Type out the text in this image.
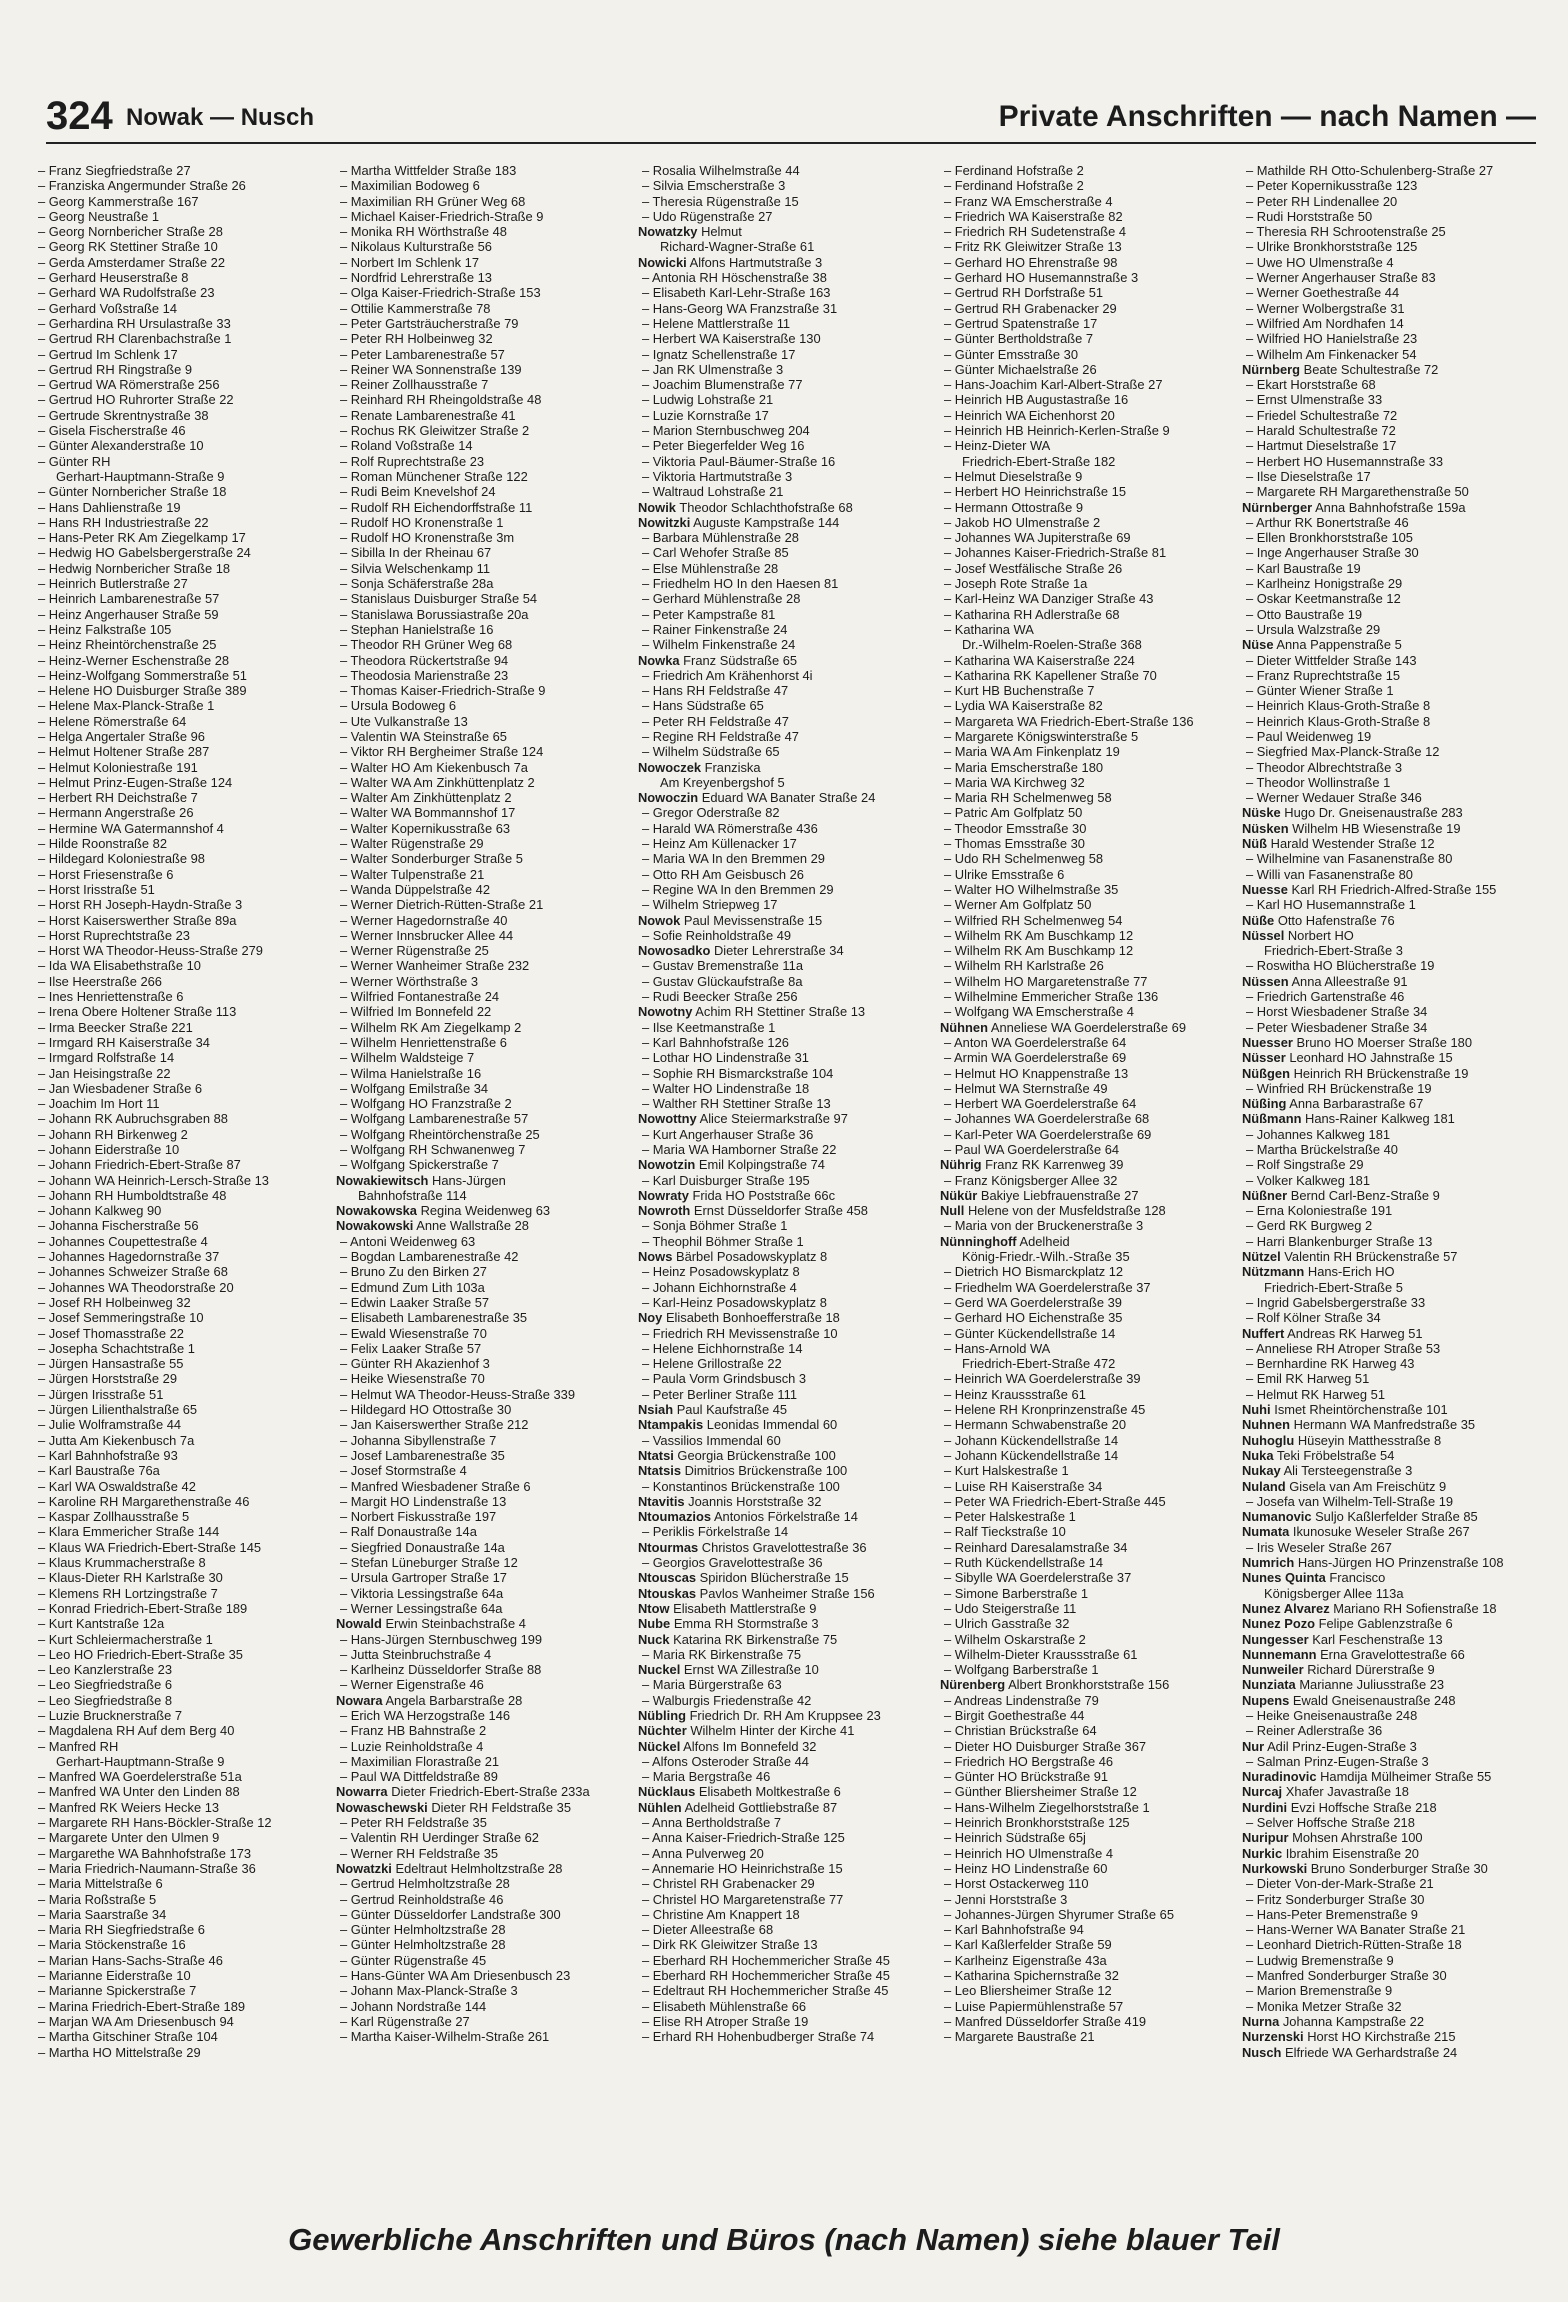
324 Nowak — Nusch	Private Anschriften — nach Namen —
– Franz Siegfriedstraße 27
– Franziska Angermunder Straße 26
– Georg Kammerstraße 167
– Georg Neustraße 1
– Georg Nornbericher Straße 28
– Georg RK Stettiner Straße 10
– Gerda Amsterdamer Straße 22
– Gerhard Heuserstraße 8
– Gerhard WA Rudolfstraße 23
– Gerhard Voßstraße 14
– Gerhardina RH Ursulastraße 33
– Gertrud RH Clarenbachstraße 1
– Gertrud Im Schlenk 17
– Gertrud RH Ringstraße 9
– Gertrud WA Römerstraße 256
– Gertrud HO Ruhrorter Straße 22
– Gertrude Skrentnystraße 38
– Gisela Fischerstraße 46
– Günter Alexanderstraße 10
– Günter RH
Gerhart-Hauptmann-Straße 9
– Günter Nornbericher Straße 18
– Hans Dahlienstraße 19
– Hans RH Industriestraße 22
– Hans-Peter RK Am Ziegelkamp 17
– Hedwig HO Gabelsbergerstraße 24
– Hedwig Nornbericher Straße 18
– Heinrich Butlerstraße 27
– Heinrich Lambarenestraße 57
– Heinz Angerhauser Straße 59
– Heinz Falkstraße 105
– Heinz Rheintörchenstraße 25
– Heinz-Werner Eschenstraße 28
– Heinz-Wolfgang Sommerstraße 51
– Helene HO Duisburger Straße 389
– Helene Max-Planck-Straße 1
– Helene Römerstraße 64
– Helga Angertaler Straße 96
– Helmut Holtener Straße 287
– Helmut Koloniestraße 191
– Helmut Prinz-Eugen-Straße 124
– Herbert RH Deichstraße 7
– Hermann Angerstraße 26
– Hermine WA Gatermannshof 4
– Hilde Roonstraße 82
– Hildegard Koloniestraße 98
– Horst Friesenstraße 6
– Horst Irisstraße 51
– Horst RH Joseph-Haydn-Straße 3
– Horst Kaiserswerther Straße 89a
– Horst Ruprechtstraße 23
– Horst WA Theodor-Heuss-Straße 279
– Ida WA Elisabethstraße 10
– Ilse Heerstraße 266
– Ines Henriettenstraße 6
– Irena Obere Holtener Straße 113
– Irma Beecker Straße 221
– Irmgard RH Kaiserstraße 34
– Irmgard Rolfstraße 14
– Jan Heisingstraße 22
– Jan Wiesbadener Straße 6
– Joachim Im Hort 11
– Johann RK Aubruchsgraben 88
– Johann RH Birkenweg 2
– Johann Eiderstraße 10
– Johann Friedrich-Ebert-Straße 87
– Johann WA Heinrich-Lersch-Straße 13
– Johann RH Humboldtstraße 48
– Johann Kalkweg 90
– Johanna Fischerstraße 56
– Johannes Coupettestraße 4
– Johannes Hagedornstraße 37
– Johannes Schweizer Straße 68
– Johannes WA Theodorstraße 20
– Josef RH Holbeinweg 32
– Josef Semmeringstraße 10
– Josef Thomasstraße 22
– Josepha Schachtstraße 1
– Jürgen Hansastraße 55
– Jürgen Horststraße 29
– Jürgen Irisstraße 51
– Jürgen Lilienthalstraße 65
– Julie Wolframstraße 44
– Jutta Am Kiekenbusch 7a
– Karl Bahnhofstraße 93
– Karl Baustraße 76a
– Karl WA Oswaldstraße 42
– Karoline RH Margarethenstraße 46
– Kaspar Zollhausstraße 5
– Klara Emmericher Straße 144
– Klaus WA Friedrich-Ebert-Straße 145
– Klaus Krummacherstraße 8
– Klaus-Dieter RH Karlstraße 30
– Klemens RH Lortzingstraße 7
– Konrad Friedrich-Ebert-Straße 189
– Kurt Kantstraße 12a
– Kurt Schleiermacherstraße 1
– Leo HO Friedrich-Ebert-Straße 35
– Leo Kanzlerstraße 23
– Leo Siegfriedstraße 6
– Leo Siegfriedstraße 8
– Luzie Brucknerstraße 7
– Magdalena RH Auf dem Berg 40
– Manfred RH
Gerhart-Hauptmann-Straße 9
– Manfred WA Goerdelerstraße 51a
– Manfred WA Unter den Linden 88
– Manfred RK Weiers Hecke 13
– Margarete RH Hans-Böckler-Straße 12
– Margarete Unter den Ulmen 9
– Margarethe WA Bahnhofstraße 173
– Maria Friedrich-Naumann-Straße 36
– Maria Mittelstraße 6
– Maria Roßstraße 5
– Maria Saarstraße 34
– Maria RH Siegfriedstraße 6
– Maria Stöckenstraße 16
– Marian Hans-Sachs-Straße 46
– Marianne Eiderstraße 10
– Marianne Spickerstraße 7
– Marina Friedrich-Ebert-Straße 189
– Marjan WA Am Driesenbusch 94
– Martha Gitschiner Straße 104
– Martha HO Mittelstraße 29
– Martha Wittfelder Straße 183
– Maximilian Bodoweg 6
– Maximilian RH Grüner Weg 68
– Michael Kaiser-Friedrich-Straße 9
– Monika RH Wörthstraße 48
– Nikolaus Kulturstraße 56
– Norbert Im Schlenk 17
– Nordfrid Lehrerstraße 13
– Olga Kaiser-Friedrich-Straße 153
– Ottilie Kammerstraße 78
– Peter Gartsträucherstraße 79
– Peter RH Holbeinweg 32
– Peter Lambarenestraße 57
– Reiner WA Sonnenstraße 139
– Reiner Zollhausstraße 7
– Reinhard RH Rheingoldstraße 48
– Renate Lambarenestraße 41
– Rochus RK Gleiwitzer Straße 2
– Roland Voßstraße 14
– Rolf Ruprechtstraße 23
– Roman Münchener Straße 122
– Rudi Beim Knevelshof 24
– Rudolf RH Eichendorffstraße 11
– Rudolf HO Kronenstraße 1
– Rudolf HO Kronenstraße 3m
– Sibilla In der Rheinau 67
– Silvia Welschenkamp 11
– Sonja Schäferstraße 28a
– Stanislaus Duisburger Straße 54
– Stanislawa Borussiastraße 20a
– Stephan Hanielstraße 16
– Theodor RH Grüner Weg 68
– Theodora Rückertstraße 94
– Theodosia Marienstraße 23
– Thomas Kaiser-Friedrich-Straße 9
– Ursula Bodoweg 6
– Ute Vulkanstraße 13
– Valentin WA Steinstraße 65
– Viktor RH Bergheimer Straße 124
– Walter HO Am Kiekenbusch 7a
– Walter WA Am Zinkhüttenplatz 2
– Walter Am Zinkhüttenplatz 2
– Walter WA Bommannshof 17
– Walter Kopernikusstraße 63
– Walter Rügenstraße 29
– Walter Sonderburger Straße 5
– Walter Tulpenstraße 21
– Wanda Düppelstraße 42
– Werner Dietrich-Rütten-Straße 21
– Werner Hagedornstraße 40
– Werner Innsbrucker Allee 44
– Werner Rügenstraße 25
– Werner Wanheimer Straße 232
– Werner Wörthstraße 3
– Wilfried Fontanestraße 24
– Wilfried Im Bonnefeld 22
– Wilhelm RK Am Ziegelkamp 2
– Wilhelm Henriettenstraße 6
– Wilhelm Waldsteige 7
– Wilma Hanielstraße 16
– Wolfgang Emilstraße 34
– Wolfgang HO Franzstraße 2
– Wolfgang Lambarenestraße 57
– Wolfgang Rheintörchenstraße 25
– Wolfgang RH Schwanenweg 7
– Wolfgang Spickerstraße 7
Nowakiewitsch Hans-Jürgen
Bahnhofstraße 114
Nowakowska Regina Weidenweg 63
Nowakowski Anne Wallstraße 28
– Antoni Weidenweg 63
– Bogdan Lambarenestraße 42
– Bruno Zu den Birken 27
– Edmund Zum Lith 103a
– Edwin Laaker Straße 57
– Elisabeth Lambarenestraße 35
– Ewald Wiesenstraße 70
– Felix Laaker Straße 57
– Günter RH Akazienhof 3
– Heike Wiesenstraße 70
– Helmut WA Theodor-Heuss-Straße 339
– Hildegard HO Ottostraße 30
– Jan Kaiserswerther Straße 212
– Johanna Sibyllenstraße 7
– Josef Lambarenestraße 35
– Josef Stormstraße 4
– Manfred Wiesbadener Straße 6
– Margit HO Lindenstraße 13
– Norbert Fiskusstraße 197
– Ralf Donaustraße 14a
– Siegfried Donaustraße 14a
– Stefan Lüneburger Straße 12
– Ursula Gartroper Straße 17
– Viktoria Lessingstraße 64a
– Werner Lessingstraße 64a
Nowald Erwin Steinbachstraße 4
– Hans-Jürgen Sternbuschweg 199
– Jutta Steinbruchstraße 4
– Karlheinz Düsseldorfer Straße 88
– Werner Eigenstraße 46
Nowara Angela Barbarstraße 28
– Erich WA Herzogstraße 146
– Franz HB Bahnstraße 2
– Luzie Reinholdstraße 4
– Maximilian Florastraße 21
– Paul WA Dittfeldstraße 89
Nowarra Dieter Friedrich-Ebert-Straße 233a
Nowaschewski Dieter RH Feldstraße 35
– Peter RH Feldstraße 35
– Valentin RH Uerdinger Straße 62
– Werner RH Feldstraße 35
Nowatzki Edeltraut Helmholtzstraße 28
– Gertrud Helmholtzstraße 28
– Gertrud Reinholdstraße 46
– Günter Düsseldorfer Landstraße 300
– Günter Helmholtzstraße 28
– Günter Helmholtzstraße 28
– Günter Rügenstraße 45
– Hans-Günter WA Am Driesenbusch 23
– Johann Max-Planck-Straße 3
– Johann Nordstraße 144
– Karl Rügenstraße 27
– Martha Kaiser-Wilhelm-Straße 261
– Rosalia Wilhelmstraße 44
– Silvia Emscherstraße 3
– Theresia Rügenstraße 15
– Udo Rügenstraße 27
Nowatzky Helmut
Richard-Wagner-Straße 61
Nowicki Alfons Hartmutstraße 3
– Antonia RH Höschenstraße 38
– Elisabeth Karl-Lehr-Straße 163
– Hans-Georg WA Franzstraße 31
– Helene Mattlerstraße 11
– Herbert WA Kaiserstraße 130
– Ignatz Schellenstraße 17
– Jan RK Ulmenstraße 3
– Joachim Blumenstraße 77
– Ludwig Lohstraße 21
– Luzie Kornstraße 17
– Marion Sternbuschweg 204
– Peter Biegerfelder Weg 16
– Viktoria Paul-Bäumer-Straße 16
– Viktoria Hartmutstraße 3
– Waltraud Lohstraße 21
Nowik Theodor Schlachthofstraße 68
Nowitzki Auguste Kampstraße 144
– Barbara Mühlenstraße 28
– Carl Wehofer Straße 85
– Else Mühlenstraße 28
– Friedhelm HO In den Haesen 81
– Gerhard Mühlenstraße 28
– Peter Kampstraße 81
– Rainer Finkenstraße 24
– Wilhelm Finkenstraße 24
Nowka Franz Südstraße 65
– Friedrich Am Krähenhorst 4i
– Hans RH Feldstraße 47
– Hans Südstraße 65
– Peter RH Feldstraße 47
– Regine RH Feldstraße 47
– Wilhelm Südstraße 65
Nowoczek Franziska
Am Kreyenbergshof 5
Nowoczin Eduard WA Banater Straße 24
– Gregor Oderstraße 82
– Harald WA Römerstraße 436
– Heinz Am Küllenacker 17
– Maria WA In den Bremmen 29
– Otto RH Am Geisbusch 26
– Regine WA In den Bremmen 29
– Wilhelm Striepweg 17
Nowok Paul Mevissenstraße 15
– Sofie Reinholdstraße 49
Nowosadko Dieter Lehrerstraße 34
– Gustav Bremenstraße 11a
– Gustav Glückaufstraße 8a
– Rudi Beecker Straße 256
Nowotny Achim RH Stettiner Straße 13
– Ilse Keetmanstraße 1
– Karl Bahnhofstraße 126
– Lothar HO Lindenstraße 31
– Sophie RH Bismarckstraße 104
– Walter HO Lindenstraße 18
– Walther RH Stettiner Straße 13
Nowottny Alice Steiermarkstraße 97
– Kurt Angerhauser Straße 36
– Maria WA Hamborner Straße 22
Nowotzin Emil Kolpingstraße 74
– Karl Duisburger Straße 195
Nowraty Frida HO Poststraße 66c
Nowroth Ernst Düsseldorfer Straße 458
– Sonja Böhmer Straße 1
– Theophil Böhmer Straße 1
Nows Bärbel Posadowskyplatz 8
– Heinz Posadowskyplatz 8
– Johann Eichhornstraße 4
– Karl-Heinz Posadowskyplatz 8
Noy Elisabeth Bonhoefferstraße 18
– Friedrich RH Mevissenstraße 10
– Helene Eichhornstraße 14
– Helene Grillostraße 22
– Paula Vorm Grindsbusch 3
– Peter Berliner Straße 111
Nsiah Paul Kaufstraße 45
Ntampakis Leonidas Immendal 60
– Vassilios Immendal 60
Ntatsi Georgia Brückenstraße 100
Ntatsis Dimitrios Brückenstraße 100
– Konstantinos Brückenstraße 100
Ntavitis Joannis Horststraße 32
Ntoumazios Antonios Förkelstraße 14
– Periklis Förkelstraße 14
Ntourmas Christos Gravelottestraße 36
– Georgios Gravelottestraße 36
Ntouscas Spiridon Blücherstraße 15
Ntouskas Pavlos Wanheimer Straße 156
Ntow Elisabeth Mattlerstraße 9
Nube Emma RH Stormstraße 3
Nuck Katarina RK Birkenstraße 75
– Maria RK Birkenstraße 75
Nuckel Ernst WA Zillestraße 10
– Maria Bürgerstraße 63
– Walburgis Friedenstraße 42
Nübling Friedrich Dr. RH Am Kruppsee 23
Nüchter Wilhelm Hinter der Kirche 41
Nückel Alfons Im Bonnefeld 32
– Alfons Osteroder Straße 44
– Maria Bergstraße 46
Nücklaus Elisabeth Moltkestraße 6
Nühlen Adelheid Gottliebstraße 87
– Anna Bertholdstraße 7
– Anna Kaiser-Friedrich-Straße 125
– Anna Pulverweg 20
– Annemarie HO Heinrichstraße 15
– Christel RH Grabenacker 29
– Christel HO Margaretenstraße 77
– Christine Am Knappert 18
– Dieter Alleestraße 68
– Dirk RK Gleiwitzer Straße 13
– Eberhard RH Hochemmericher Straße 45
– Eberhard RH Hochemmericher Straße 45
– Edeltraut RH Hochemmericher Straße 45
– Elisabeth Mühlenstraße 66
– Elise RH Atroper Straße 19
– Erhard RH Hohenbudberger Straße 74
– Ferdinand Hofstraße 2
– Ferdinand Hofstraße 2
– Franz WA Emscherstraße 4
– Friedrich WA Kaiserstraße 82
– Friedrich RH Sudetenstraße 4
– Fritz RK Gleiwitzer Straße 13
– Gerhard HO Ehrenstraße 98
– Gerhard HO Husemannstraße 3
– Gertrud RH Dorfstraße 51
– Gertrud RH Grabenacker 29
– Gertrud Spatenstraße 17
– Günter Bertholdstraße 7
– Günter Emsstraße 30
– Günter Michaelstraße 26
– Hans-Joachim Karl-Albert-Straße 27
– Heinrich HB Augustastraße 16
– Heinrich WA Eichenhorst 20
– Heinrich HB Heinrich-Kerlen-Straße 9
– Heinz-Dieter WA
Friedrich-Ebert-Straße 182
– Helmut Dieselstraße 9
– Herbert HO Heinrichstraße 15
– Hermann Ottostraße 9
– Jakob HO Ulmenstraße 2
– Johannes WA Jupiterstraße 69
– Johannes Kaiser-Friedrich-Straße 81
– Josef Westfälische Straße 26
– Joseph Rote Straße 1a
– Karl-Heinz WA Danziger Straße 43
– Katharina RH Adlerstraße 68
– Katharina WA
Dr.-Wilhelm-Roelen-Straße 368
– Katharina WA Kaiserstraße 224
– Katharina RK Kapellener Straße 70
– Kurt HB Buchenstraße 7
– Lydia WA Kaiserstraße 82
– Margareta WA Friedrich-Ebert-Straße 136
– Margarete Königswinterstraße 5
– Maria WA Am Finkenplatz 19
– Maria Emscherstraße 180
– Maria WA Kirchweg 32
– Maria RH Schelmenweg 58
– Patric Am Golfplatz 50
– Theodor Emsstraße 30
– Thomas Emsstraße 30
– Udo RH Schelmenweg 58
– Ulrike Emsstraße 6
– Walter HO Wilhelmstraße 35
– Werner Am Golfplatz 50
– Wilfried RH Schelmenweg 54
– Wilhelm RK Am Buschkamp 12
– Wilhelm RK Am Buschkamp 12
– Wilhelm RH Karlstraße 26
– Wilhelm HO Margaretenstraße 77
– Wilhelmine Emmericher Straße 136
– Wolfgang WA Emscherstraße 4
Nühnen Anneliese WA Goerdelerstraße 69
– Anton WA Goerdelerstraße 64
– Armin WA Goerdelerstraße 69
– Helmut HO Knappenstraße 13
– Helmut WA Sternstraße 49
– Herbert WA Goerdelerstraße 64
– Johannes WA Goerdelerstraße 68
– Karl-Peter WA Goerdelerstraße 69
– Paul WA Goerdelerstraße 64
Nührig Franz RK Karrenweg 39
– Franz Königsberger Allee 32
Nükür Bakiye Liebfrauenstraße 27
Null Helene von der Musfeldstraße 128
– Maria von der Bruckenerstraße 3
Nünninghoff Adelheid
König-Friedr.-Wilh.-Straße 35
– Dietrich HO Bismarckplatz 12
– Friedhelm WA Goerdelerstraße 37
– Gerd WA Goerdelerstraße 39
– Gerhard HO Eichenstraße 35
– Günter Kückendellstraße 14
– Hans-Arnold WA
Friedrich-Ebert-Straße 472
– Heinrich WA Goerdelerstraße 39
– Heinz Kraussstraße 61
– Helene RH Kronprinzenstraße 45
– Hermann Schwabenstraße 20
– Johann Kückendellstraße 14
– Johann Kückendellstraße 14
– Kurt Halskestraße 1
– Luise RH Kaiserstraße 34
– Peter WA Friedrich-Ebert-Straße 445
– Peter Halskestraße 1
– Ralf Tieckstraße 10
– Reinhard Daresalamstraße 34
– Ruth Kückendellstraße 14
– Sibylle WA Goerdelerstraße 37
– Simone Barberstraße 1
– Udo Steigerstraße 11
– Ulrich Gasstraße 32
– Wilhelm Oskarstraße 2
– Wilhelm-Dieter Kraussstraße 61
– Wolfgang Barberstraße 1
Nürenberg Albert Bronkhorststraße 156
– Andreas Lindenstraße 79
– Birgit Goethestraße 44
– Christian Brückstraße 64
– Dieter HO Duisburger Straße 367
– Friedrich HO Bergstraße 46
– Günter HO Brückstraße 91
– Günther Bliersheimer Straße 12
– Hans-Wilhelm Ziegelhorststraße 1
– Heinrich Bronkhorststraße 125
– Heinrich Südstraße 65j
– Heinrich HO Ulmenstraße 4
– Heinz HO Lindenstraße 60
– Horst Ostackerweg 110
– Jenni Horststraße 3
– Johannes-Jürgen Shyrumer Straße 65
– Karl Bahnhofstraße 94
– Karl Kaßlerfelder Straße 59
– Karlheinz Eigenstraße 43a
– Katharina Spichernstraße 32
– Leo Bliersheimer Straße 12
– Luise Papiermühlenstraße 57
– Manfred Düsseldorfer Straße 419
– Margarete Baustraße 21
– Mathilde RH Otto-Schulenberg-Straße 27
– Peter Kopernikusstraße 123
– Peter RH Lindenallee 20
– Rudi Horststraße 50
– Theresia RH Schrootenstraße 25
– Ulrike Bronkhorststraße 125
– Uwe HO Ulmenstraße 4
– Werner Angerhauser Straße 83
– Werner Goethestraße 44
– Werner Wolbergstraße 31
– Wilfried Am Nordhafen 14
– Wilfried HO Hanielstraße 23
– Wilhelm Am Finkenacker 54
Nürnberg Beate Schultestraße 72
– Ekart Horststraße 68
– Ernst Ulmenstraße 33
– Friedel Schultestraße 72
– Harald Schultestraße 72
– Hartmut Dieselstraße 17
– Herbert HO Husemannstraße 33
– Ilse Dieselstraße 17
– Margarete RH Margarethenstraße 50
Nürnberger Anna Bahnhofstraße 159a
– Arthur RK Bonertstraße 46
– Ellen Bronkhorststraße 105
– Inge Angerhauser Straße 30
– Karl Baustraße 19
– Karlheinz Honigstraße 29
– Oskar Keetmanstraße 12
– Otto Baustraße 19
– Ursula Walzstraße 29
Nüse Anna Pappenstraße 5
– Dieter Wittfelder Straße 143
– Franz Ruprechtstraße 15
– Günter Wiener Straße 1
– Heinrich Klaus-Groth-Straße 8
– Heinrich Klaus-Groth-Straße 8
– Paul Weidenweg 19
– Siegfried Max-Planck-Straße 12
– Theodor Albrechtstraße 3
– Theodor Wollinstraße 1
– Werner Wedauer Straße 346
Nüske Hugo Dr. Gneisenaustraße 283
Nüsken Wilhelm HB Wiesenstraße 19
Nüß Harald Westender Straße 12
– Wilhelmine van Fasanenstraße 80
– Willi van Fasanenstraße 80
Nuesse Karl RH Friedrich-Alfred-Straße 155
– Karl HO Husemannstraße 1
Nüße Otto Hafenstraße 76
Nüssel Norbert HO
Friedrich-Ebert-Straße 3
– Roswitha HO Blücherstraße 19
Nüssen Anna Alleestraße 91
– Friedrich Gartenstraße 46
– Horst Wiesbadener Straße 34
– Peter Wiesbadener Straße 34
Nuesser Bruno HO Moerser Straße 180
Nüsser Leonhard HO Jahnstraße 15
Nüßgen Heinrich RH Brückenstraße 19
– Winfried RH Brückenstraße 19
Nüßing Anna Barbarastraße 67
Nüßmann Hans-Rainer Kalkweg 181
– Johannes Kalkweg 181
– Martha Brückelstraße 40
– Rolf Singstraße 29
– Volker Kalkweg 181
Nüßner Bernd Carl-Benz-Straße 9
– Erna Koloniestraße 191
– Gerd RK Burgweg 2
– Harri Blankenburger Straße 13
Nützel Valentin RH Brückenstraße 57
Nützmann Hans-Erich HO
Friedrich-Ebert-Straße 5
– Ingrid Gabelsbergerstraße 33
– Rolf Kölner Straße 34
Nuffert Andreas RK Harweg 51
– Anneliese RH Atroper Straße 53
– Bernhardine RK Harweg 43
– Emil RK Harweg 51
– Helmut RK Harweg 51
Nuhi Ismet Rheintörchenstraße 101
Nuhnen Hermann WA Manfredstraße 35
Nuhoglu Hüseyin Matthesstraße 8
Nuka Teki Fröbelstraße 54
Nukay Ali Tersteegenstraße 3
Nuland Gisela van Am Freischütz 9
– Josefa van Wilhelm-Tell-Straße 19
Numanovic Suljo Kaßlerfelder Straße 85
Numata Ikunosuke Weseler Straße 267
– Iris Weseler Straße 267
Numrich Hans-Jürgen HO Prinzenstraße 108
Nunes Quinta Francisco
Königsberger Allee 113a
Nunez Alvarez Mariano RH Sofienstraße 18
Nunez Pozo Felipe Gablenzstraße 6
Nungesser Karl Feschenstraße 13
Nunnemann Erna Gravelottestraße 66
Nunweiler Richard Dürerstraße 9
Nunziata Marianne Juliusstraße 23
Nupens Ewald Gneisenaustraße 248
– Heike Gneisenaustraße 248
– Reiner Adlerstraße 36
Nur Adil Prinz-Eugen-Straße 3
– Salman Prinz-Eugen-Straße 3
Nuradinovic Hamdija Mülheimer Straße 55
Nurcaj Xhafer Javastraße 18
Nurdini Evzi Hoffsche Straße 218
– Selver Hoffsche Straße 218
Nuripur Mohsen Ahrstraße 100
Nurkic Ibrahim Eisenstraße 20
Nurkowski Bruno Sonderburger Straße 30
– Dieter Von-der-Mark-Straße 21
– Fritz Sonderburger Straße 30
– Hans-Peter Bremenstraße 9
– Hans-Werner WA Banater Straße 21
– Leonhard Dietrich-Rütten-Straße 18
– Ludwig Bremenstraße 9
– Manfred Sonderburger Straße 30
– Marion Bremenstraße 9
– Monika Metzer Straße 32
Nurna Johanna Kampstraße 22
Nurzenski Horst HO Kirchstraße 215
Nusch Elfriede WA Gerhardstraße 24
Gewerbliche Anschriften und Büros (nach Namen) siehe blauer Teil
